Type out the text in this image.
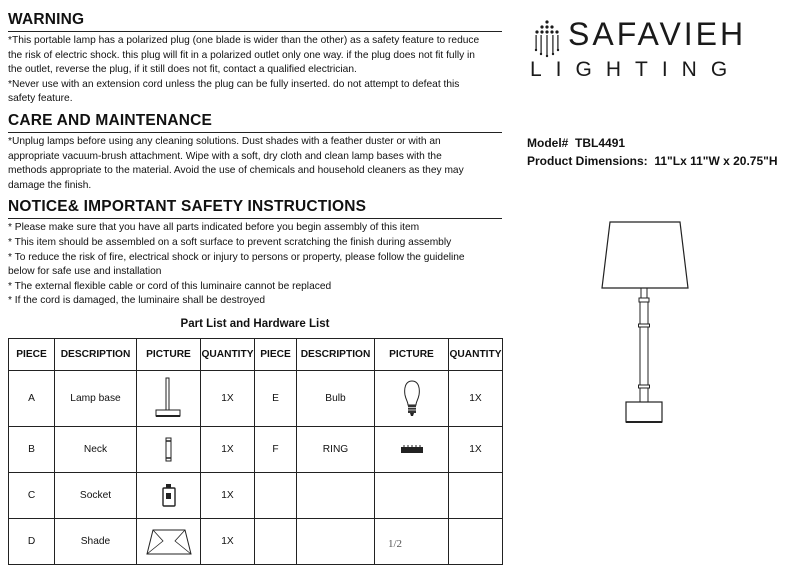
WARNING

*This portable lamp has a polarized plug (one blade is wider than the other) as a safety feature to reduce

the risk of electric shock. this plug will fit in a polarized outlet only one way. if the plug does not fit fully in

the outlet, reverse the plug, if it still does not fit, contact a qualified electrician.

*Never use with an extension cord unless the plug can be fully inserted. do not attempt to defeat this

safety feature.

CARE AND MAINTENANCE

*Unplug lamps before using any cleaning solutions. Dust shades with a feather duster or with an

appropriate vacuum-brush attachment. Wipe with a soft, dry cloth and clean lamp bases with the

methods appropriate to the material. Avoid the use of chemicals and household cleaners as they may

damage the finish.

NOTICE& IMPORTANT SAFETY INSTRUCTIONS

* Please make sure that you have all parts indicated before you begin assembly of this item

* This item should be assembled on a soft surface to prevent scratching the finish during assembly

* To reduce the risk of fire, electrical shock or injury to persons or property, please follow the guideline

below for safe use and installation

* The external flexible cable or cord of this luminaire cannot be replaced

* If the cord is damaged, the luminaire shall be destroyed

Part List and Hardware List
PIECE	DESCRIPTION	PICTURE	QUANTITY	PIECE	DESCRIPTION	PICTURE	QUANTITY
A	Lamp base		1X	E	Bulb		1X
B	Neck		1X	F	RING		1X
C	Socket		1X				
D	Shade		1X				
SAFAVIEH
LIGHTING
Model# TBL4491
Product Dimensions: 11"Lx 11"W x 20.75"H
1/2
